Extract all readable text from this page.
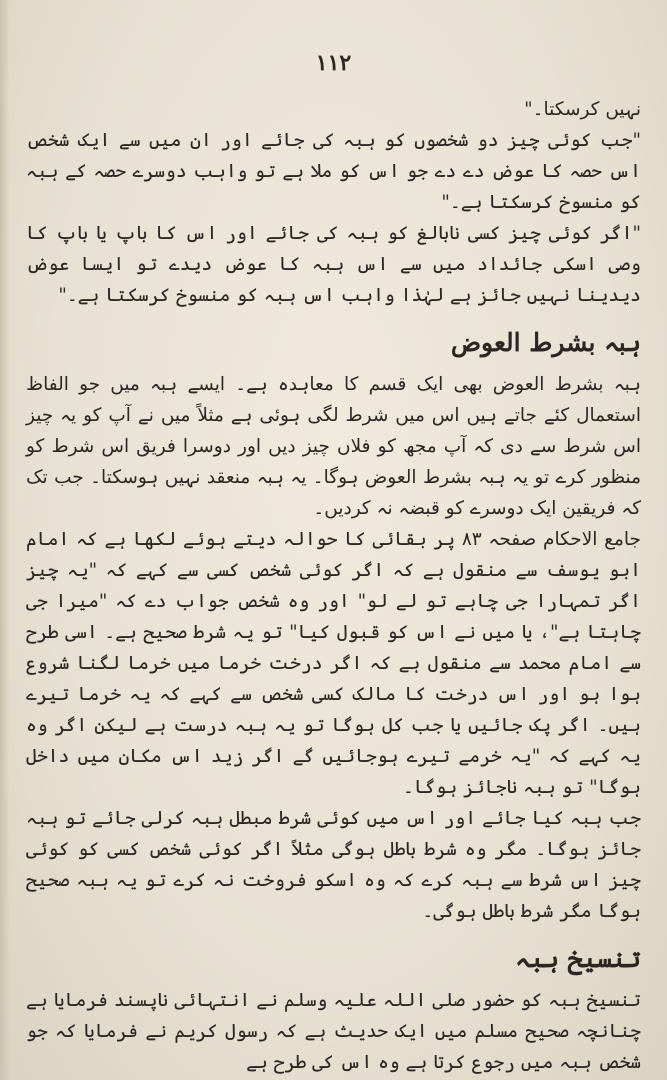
١١٢

نہیں کرسکتا۔"

"جب کوئی چیز دو شخصوں کو ہبہ کی جائے اور ان میں سے ایک شخص اس حصہ کا عوض دے دے جو اس کو ملا ہے تو واہب دوسرے حصہ کے ہبہ کو منسوخ کرسکتا ہے۔"

"اگر کوئی چیز کسی نابالغ کو ہبہ کی جائے اور اس کا باپ یا باپ کا وصی اسکی جائداد میں سے اس ہبہ کا عوض دیدے تو ایسا عوض دیدینا نہیں جائز ہے لہٰذا واہب اس ہبہ کو منسوخ کرسکتا ہے۔"

ہبہ بشرط العوض

ہبہ بشرط العوض بھی ایک قسم کا معاہدہ ہے۔ ایسے ہبہ میں جو الفاظ استعمال کئے جاتے ہیں اس میں شرط لگی ہوئی ہے مثلاً میں نے آپ کو یہ چیز اس شرط سے دی کہ آپ مجھ کو فلاں چیز دیں اور دوسرا فریق اس شرط کو منظور کرے تو یہ ہبہ بشرط العوض ہوگا۔ یہ ہبہ منعقد نہیں ہوسکتا۔ جب تک کہ فریقین ایک دوسرے کو قبضہ نہ کردیں۔

جامع الاحکام صفحہ ۸۳ پر بقائی کا حوالہ دیتے ہوئے لکھا ہے کہ امام ابو یوسف سے منقول ہے کہ اگر کوئی شخص کسی سے کہے کہ "یہ چیز اگر تمہارا جی چاہے تو لے لو" اور وہ شخص جواب دے کہ "میرا جی چاہتا ہے"، یا میں نے اس کو قبول کیا" تو یہ شرط صحیح ہے۔ اسی طرح سے امام محمد سے منقول ہے کہ اگر درخت خرما میں خرما لگنا شروع ہوا ہو اور اس درخت کا مالک کسی شخص سے کہے کہ یہ خرما تیرے ہیں۔ اگر پک جائیں یا جب کل ہوگا تو یہ ہبہ درست ہے لیکن اگر وہ یہ کہے کہ "یہ خرمے تیرے ہوجائیں گے اگر زید اس مکان میں داخل ہوگا" تو ہبہ ناجائز ہوگا۔

جب ہبہ کیا جائے اور اس میں کوئی شرط مبطل ہبہ کرلی جائے تو ہبہ جائز ہوگا۔ مگر وہ شرط باطل ہوگی مثلاً اگر کوئی شخص کسی کو کوئی چیز اس شرط سے ہبہ کرے کہ وہ اسکو فروخت نہ کرے تو یہ ہبہ صحیح ہوگا مگر شرط باطل ہوگی۔

تنسیخ ہبہ

تنسیخ ہبہ کو حضور صلی اللہ علیہ وسلم نے انتہائی ناپسند فرمایا ہے چنانچہ صحیح مسلم میں ایک حدیث ہے کہ رسول کریم نے فرمایا کہ جو شخص ہبہ میں رجوع کرتا ہے وہ اس کی طرح ہے
